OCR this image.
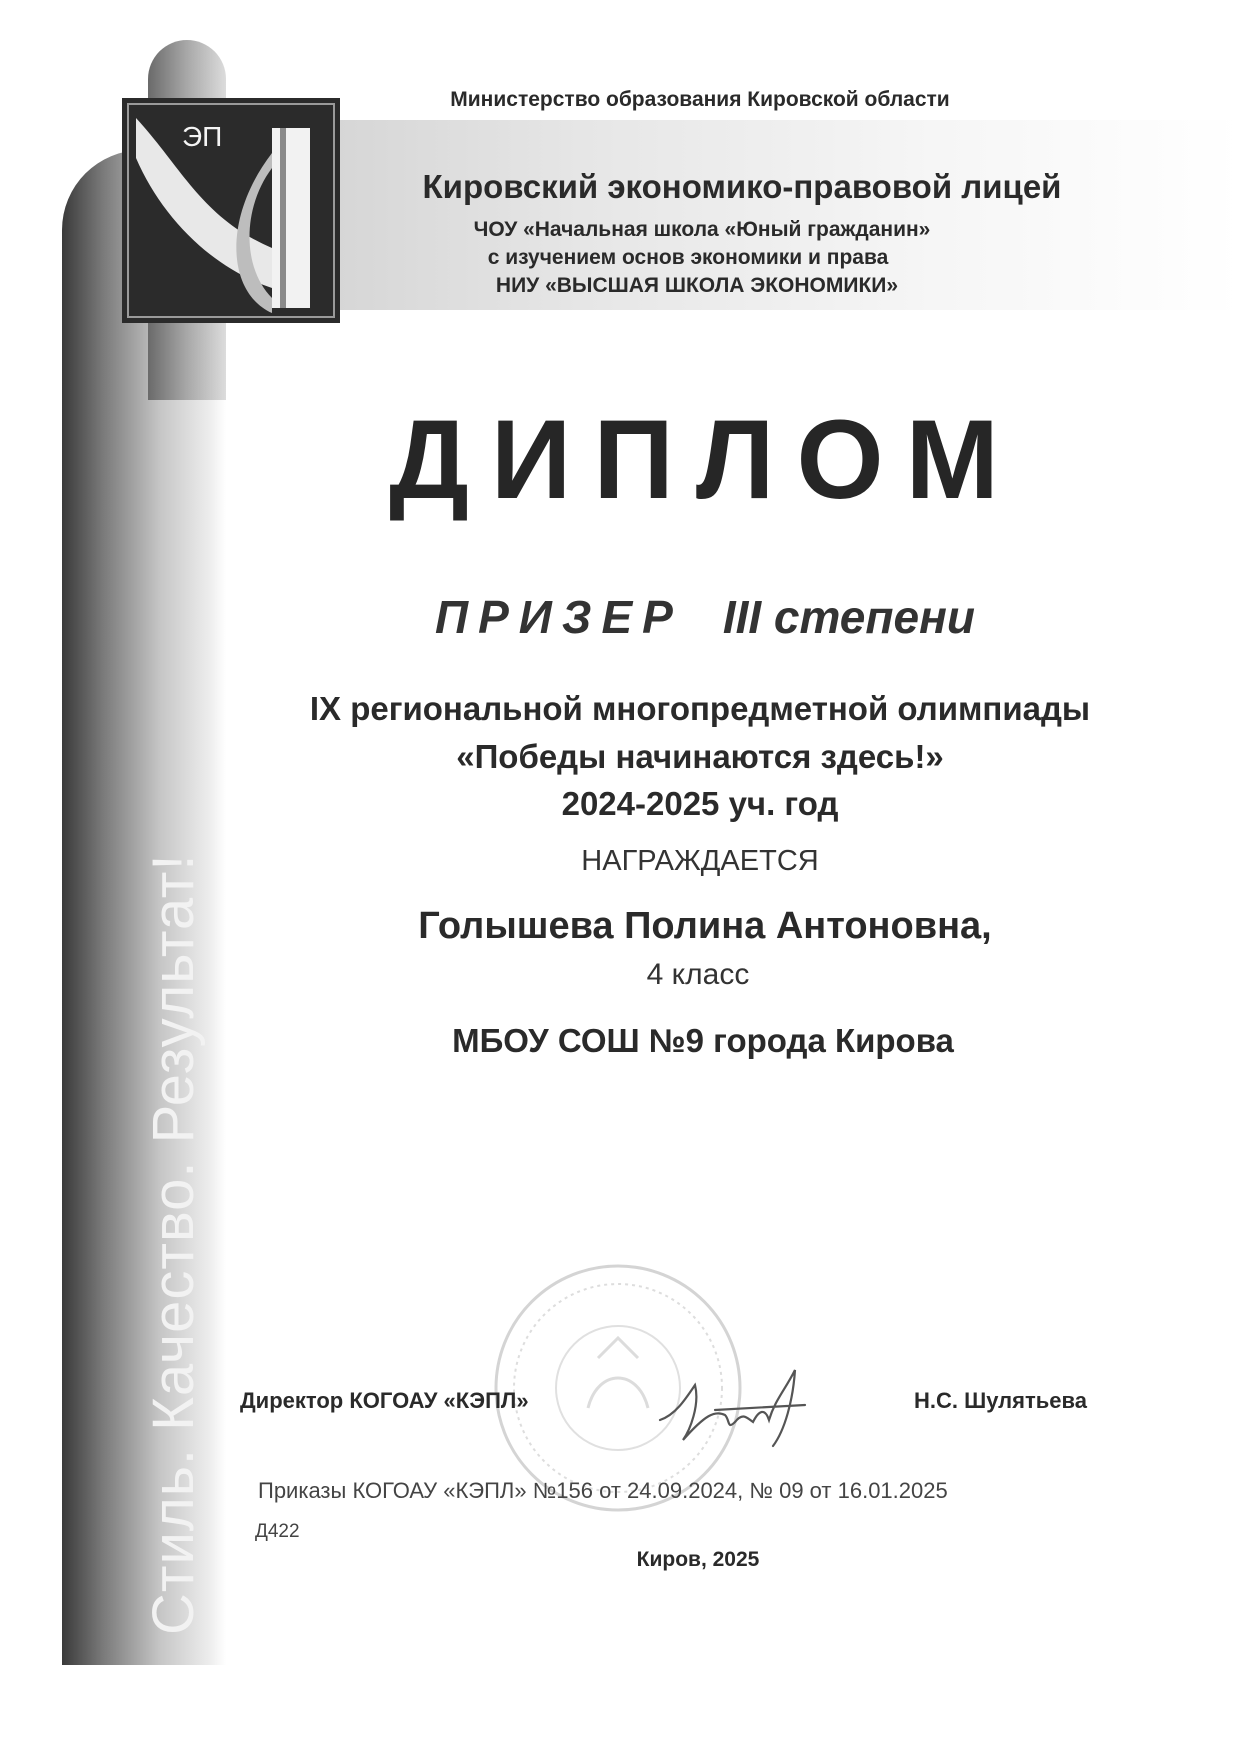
Стиль. Качество. Результат!
ЭП
Министерство образования Кировской области
Кировский экономико-правовой лицей
ЧОУ «Начальная школа «Юный гражданин»
с изучением основ экономики и права
НИУ «ВЫСШАЯ ШКОЛА ЭКОНОМИКИ»
ДИПЛОМ
ПРИЗЕР III степени
IX региональной многопредметной олимпиады
«Победы начинаются здесь!»
2024-2025 уч. год
НАГРАЖДАЕТСЯ
Голышева Полина Антоновна,
4 класс
МБОУ СОШ №9 города Кирова
Директор КОГОАУ «КЭПЛ»	Н.С. Шулятьева
Приказы КОГОАУ «КЭПЛ» №156 от 24.09.2024, № 09 от 16.01.2025
Д422
Киров, 2025
